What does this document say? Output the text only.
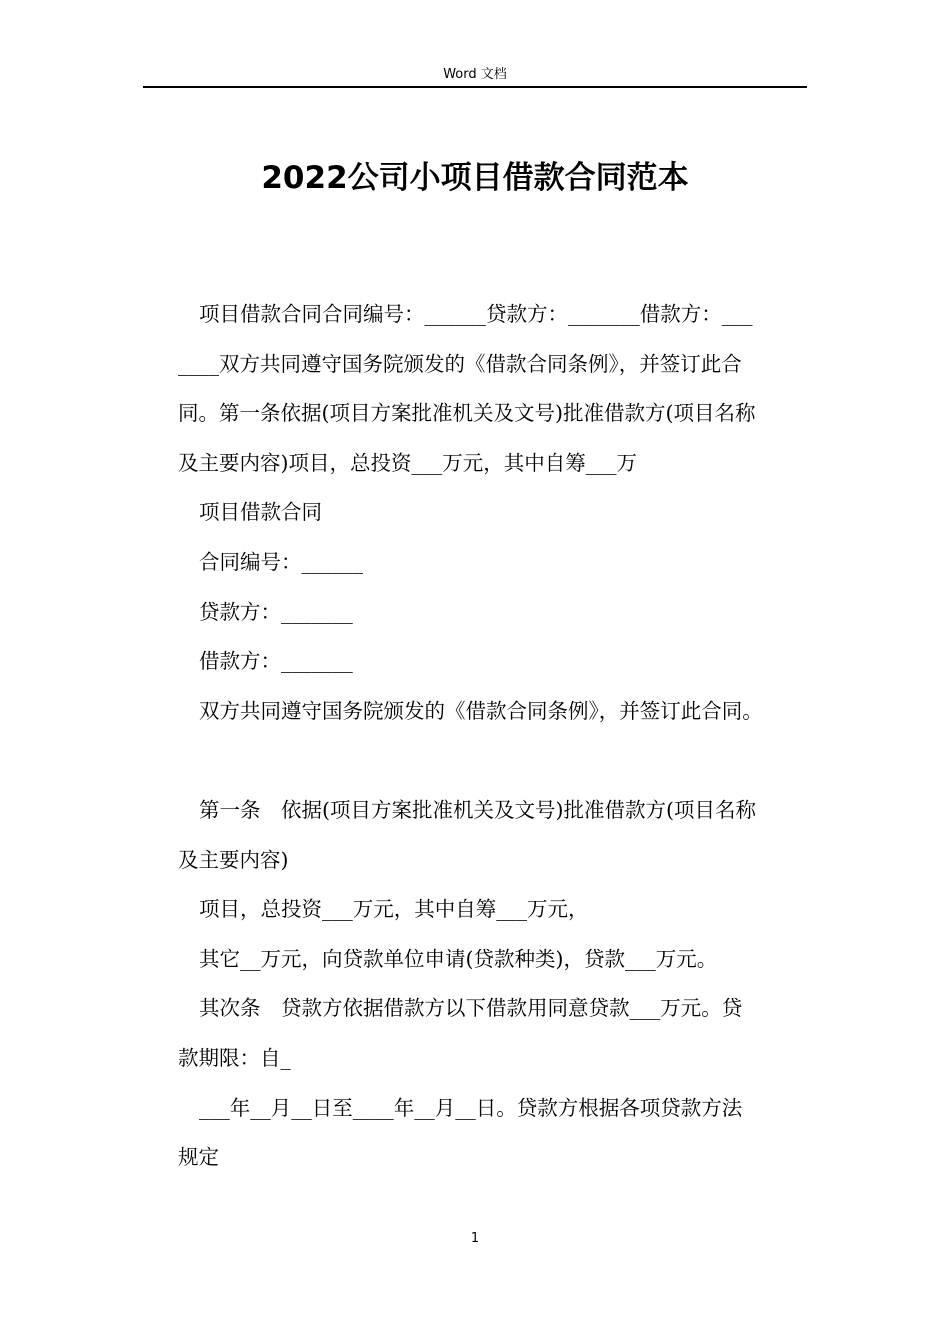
Word 文档
2022公司小项目借款合同范本

项目借款合同合同编号：______贷款方：_______借款方：___

____双方共同遵守国务院颁发的《借款合同条例》，并签订此合

同。第一条依据(项目方案批准机关及文号)批准借款方(项目名称

及主要内容)项目，总投资___万元，其中自筹___万

项目借款合同

合同编号：______

贷款方：_______

借款方：_______

双方共同遵守国务院颁发的《借款合同条例》，并签订此合同。

第一条　依据(项目方案批准机关及文号)批准借款方(项目名称

及主要内容)

项目，总投资___万元，其中自筹___万元，

其它__万元，向贷款单位申请(贷款种类)，贷款___万元。

其次条　贷款方依据借款方以下借款用同意贷款___万元。贷

款期限：自_

___年__月__日至____年__月__日。贷款方根据各项贷款方法

规定

1
